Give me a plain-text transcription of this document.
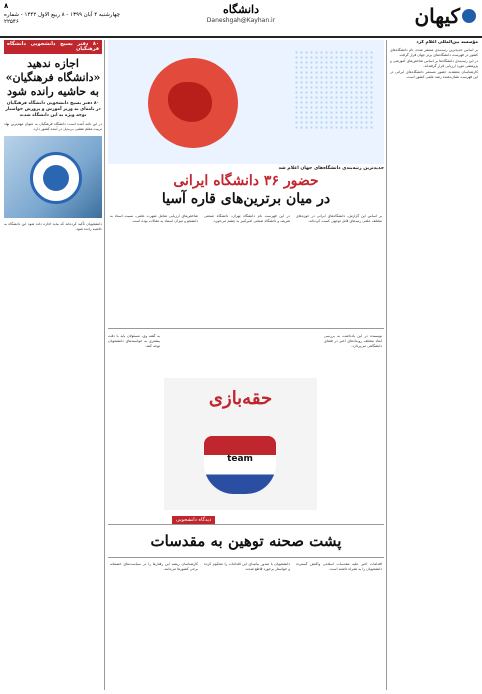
کیهان
دانشگاه
Daneshgah@Kayhan.ir
۸
چهارشنبه ۴ آبان ۱۳۹۹ - ۸ ربیع الاول ۱۴۴۲ - شماره ۲۲۵۴۶
مؤسسه بین‌المللی اعلام کرد

بر اساس جدیدترین رتبه‌بندی منتشر شده، نام دانشگاه‌های کشور در فهرست دانشگاه‌های برتر جهان قرار گرفت.

در این رتبه‌بندی دانشگاه‌ها بر اساس شاخص‌های آموزشی و پژوهشی مورد ارزیابی قرار گرفته‌اند.

کارشناسان معتقدند حضور مستمر دانشگاه‌های ایرانی در این فهرست نشان‌دهنده رشد علمی کشور است.

جدیدترین رتبه‌بندی دانشگاه‌های جهان اعلام شد
حضور ۳۶ دانشگاه ایرانی
در میان برترین‌های قاره آسیا

بر اساس این گزارش، دانشگاه‌های ایرانی در حوزه‌های مختلف علمی رتبه‌های قابل توجهی کسب کرده‌اند.

در این فهرست نام دانشگاه تهران، دانشگاه صنعتی شریف و دانشگاه صنعتی امیرکبیر به چشم می‌خورد.

شاخص‌های ارزیابی شامل شهرت علمی، نسبت استاد به دانشجو و میزان استناد به مقالات بوده است.

نویسنده در این یادداشت به بررسی ابعاد مختلف رویدادهای اخیر در فضای دانشگاهی می‌پردازد.

به گفته وی، مسئولان باید با دقت بیشتری به خواسته‌های دانشجویان توجه کنند.

حقه‌بازی
team
دیدگاه دانشجویی
پشت صحنه توهین به مقدسات

اقدامات اخیر علیه مقدسات اسلامی واکنش گسترده دانشجویان را به همراه داشته است.

دانشجویان با صدور بیانیه‌ای این اقدامات را محکوم کرده و خواستار برخورد قاطع شدند.

کارشناسان ریشه این رفتارها را در سیاست‌های خصمانه برخی کشورها می‌دانند.

۸۰ دفتر بسیج دانشجویی دانشگاه فرهنگیان
اجازه ندهید «دانشگاه فرهنگیان» به حاشیه رانده شود
۸۰ دفتر بسیج دانشجویی دانشگاه فرهنگیان در نامه‌ای به وزیر آموزش و پرورش خواستار توجه ویژه به این دانشگاه شدند

در این نامه آمده است: دانشگاه فرهنگیان به عنوان مهم‌ترین نهاد تربیت معلم نقشی بی‌بدیل در آینده کشور دارد.

دانشجویان تأکید کرده‌اند که نباید اجازه داده شود این دانشگاه به حاشیه رانده شود.
